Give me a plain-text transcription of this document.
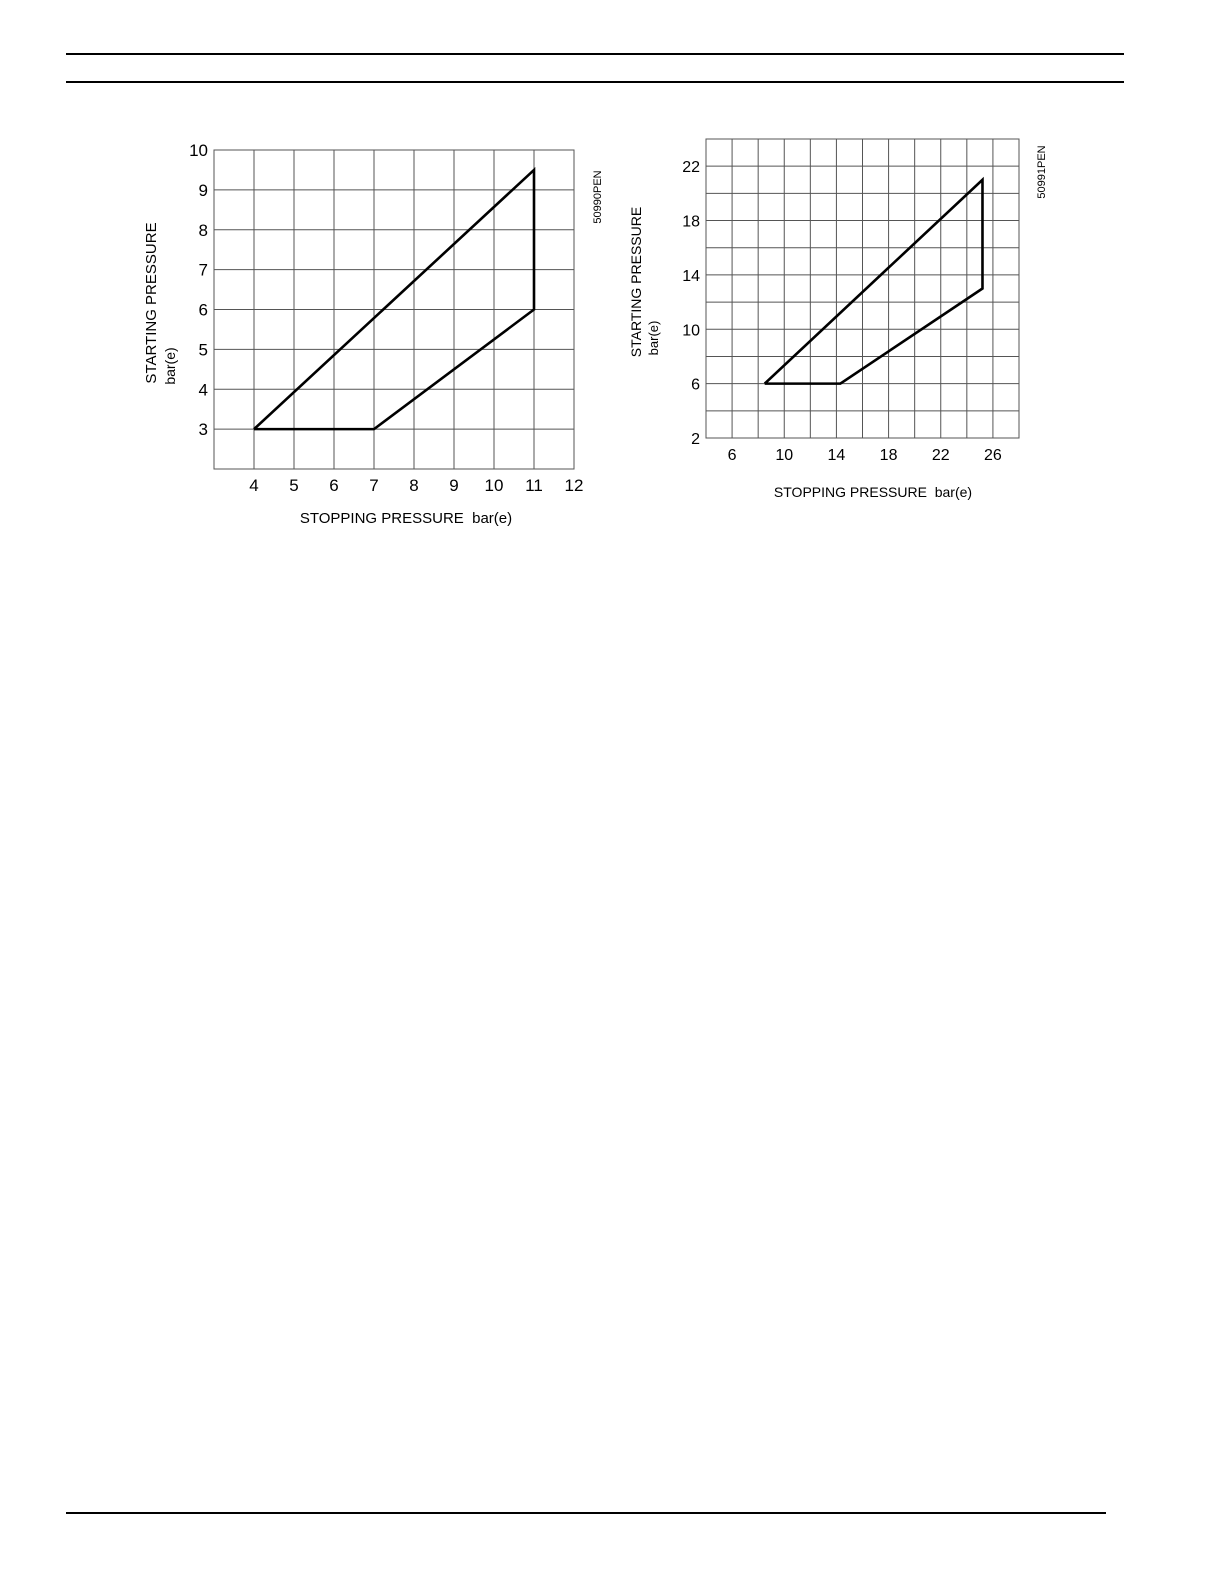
4 5 6 7 8 9 10 11 12
3
4
5
6
7
8
9
10
STOPPING PRESSURE  bar(e)
STARTING PRESSURE bar(e)
50990PEN
6 10 14 18 22 26
2
6
10
14
18
22
STOPPING PRESSURE  bar(e)
STARTING PRESSURE bar(e)
50991PEN
